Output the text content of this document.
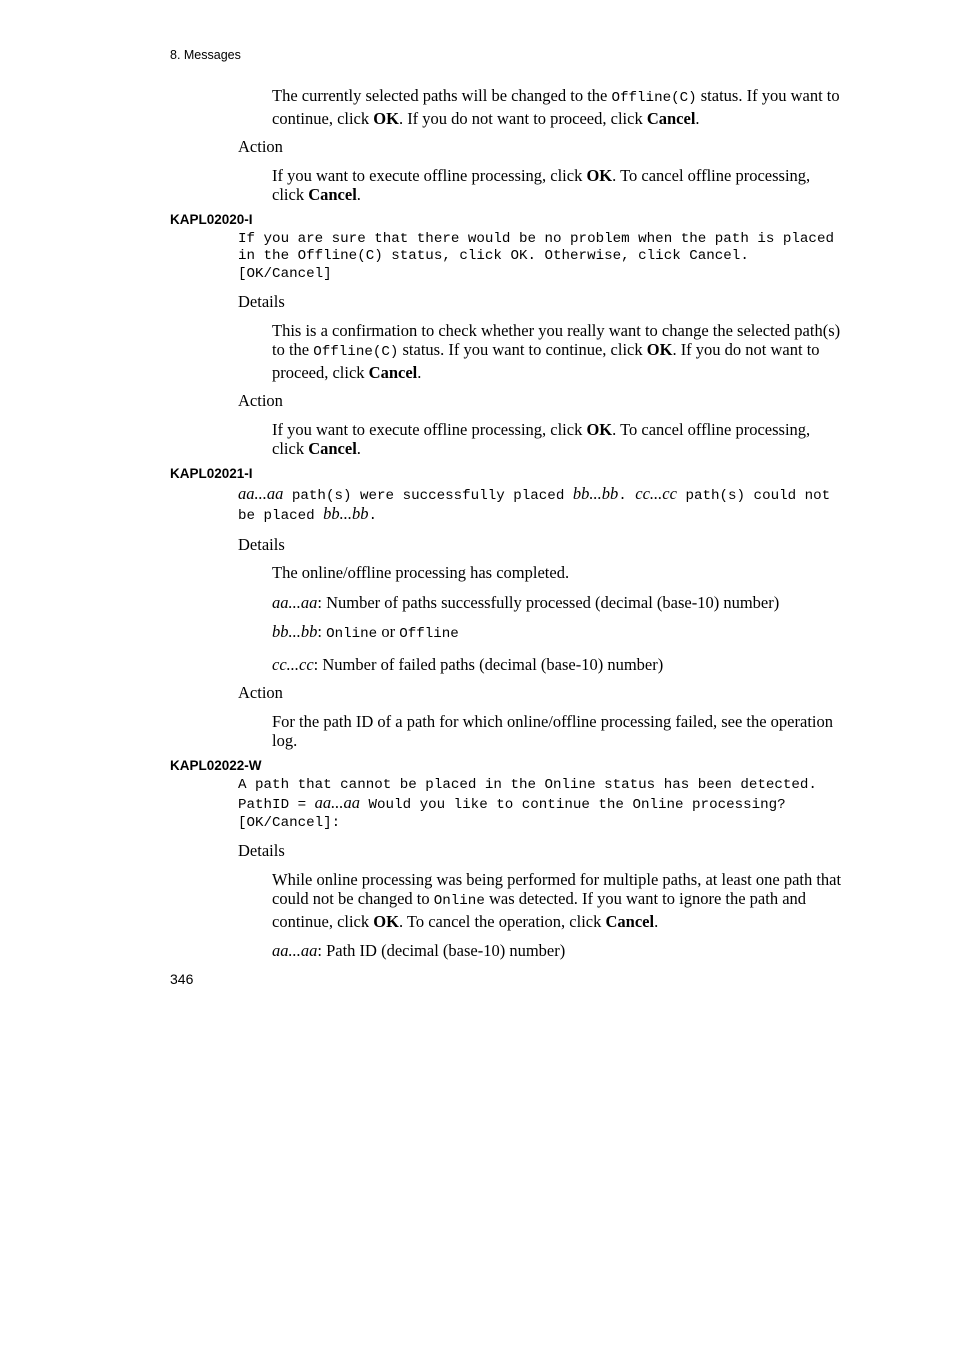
8. Messages

The currently selected paths will be changed to the Offline(C) status. If you want to continue, click OK. If you do not want to proceed, click Cancel.

Action

If you want to execute offline processing, click OK. To cancel offline processing, click Cancel.

KAPL02020-I
If you are sure that there would be no problem when the path is placed in the Offline(C) status, click OK. Otherwise, click Cancel. [OK/Cancel]
Details

This is a confirmation to check whether you really want to change the selected path(s) to the Offline(C) status. If you want to continue, click OK. If you do not want to proceed, click Cancel.

Action

If you want to execute offline processing, click OK. To cancel offline processing, click Cancel.

KAPL02021-I
aa...aa path(s) were successfully placed bb...bb. cc...cc path(s) could not be placed bb...bb.
Details

The online/offline processing has completed.

aa...aa: Number of paths successfully processed (decimal (base-10) number)

bb...bb: Online or Offline

cc...cc: Number of failed paths (decimal (base-10) number)

Action

For the path ID of a path for which online/offline processing failed, see the operation log.

KAPL02022-W
A path that cannot be placed in the Online status has been detected. PathID = aa...aa Would you like to continue the Online processing? [OK/Cancel]:
Details

While online processing was being performed for multiple paths, at least one path that could not be changed to Online was detected. If you want to ignore the path and continue, click OK. To cancel the operation, click Cancel.

aa...aa: Path ID (decimal (base-10) number)

346
